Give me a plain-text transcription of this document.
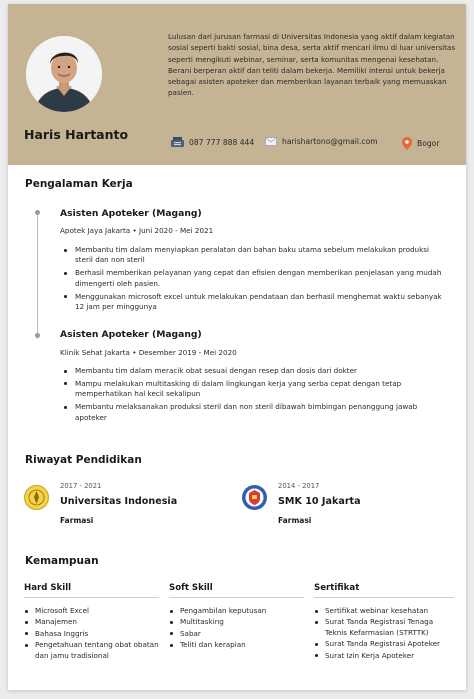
Haris Hartanto
Lulusan dari jurusan farmasi di Universitas Indonesia yang aktif dalam kegiatan sosial seperti bakti sosial, bina desa, serta aktif mencari ilmu di luar universitas seperti mengikuti webinar, seminar, serta komunitas mengenai kesehatan. Berani berperan aktif dan teliti dalam bekerja. Memiliki intensi untuk bekerja sebagai asisten apoteker dan memberikan layanan terbaik yang memuaskan pasien.
087 777 888 444	harishartono@gmail.com	Bogor
Pengalaman Kerja
Asisten Apoteker (Magang)
Apotek Jaya Jakarta • Juni 2020 - Mei 2021
Membantu tim dalam menyiapkan peralatan dan bahan baku utama sebelum melakukan produksi steril dan non steril
Berhasil memberikan pelayanan yang cepat dan efisien dengan memberikan penjelasan yang mudah dimengerti oleh pasien.
Menggunakan microsoft excel untuk melakukan pendataan dan berhasil menghemat waktu sebanyak 12 jam per minggunya
Asisten Apoteker (Magang)
Klinik Sehat Jakarta • Desember 2019 - Mei 2020
Membantu tim dalam meracik obat sesuai dengan resep dan dosis dari dokter
Mampu melakukan multitasking di dalam lingkungan kerja yang serba cepat dengan tetap memperhatikan hal kecil sekalipun
Membantu melaksanakan produksi steril dan non steril dibawah bimbingan penanggung jawab apoteker
Riwayat Pendidikan
2017 - 2021
Universitas Indonesia
Farmasi
2014 - 2017
SMK 10 Jakarta
Farmasi
Kemampuan
Hard Skill
Microsoft Excel
Manajemen
Bahasa Inggris
Pengetahuan tentang obat obatan dan jamu tradisional
Soft Skill
Pengambilan keputusan
Multitasking
Sabar
Teliti dan kerapian
Sertifikat
Sertifikat webinar kesehatan
Surat Tanda Registrasi Tenaga Teknis Kefarmasian (STRTTK)
Surat Tanda Registrasi Apoteker
Surat Izin Kerja Apoteker
